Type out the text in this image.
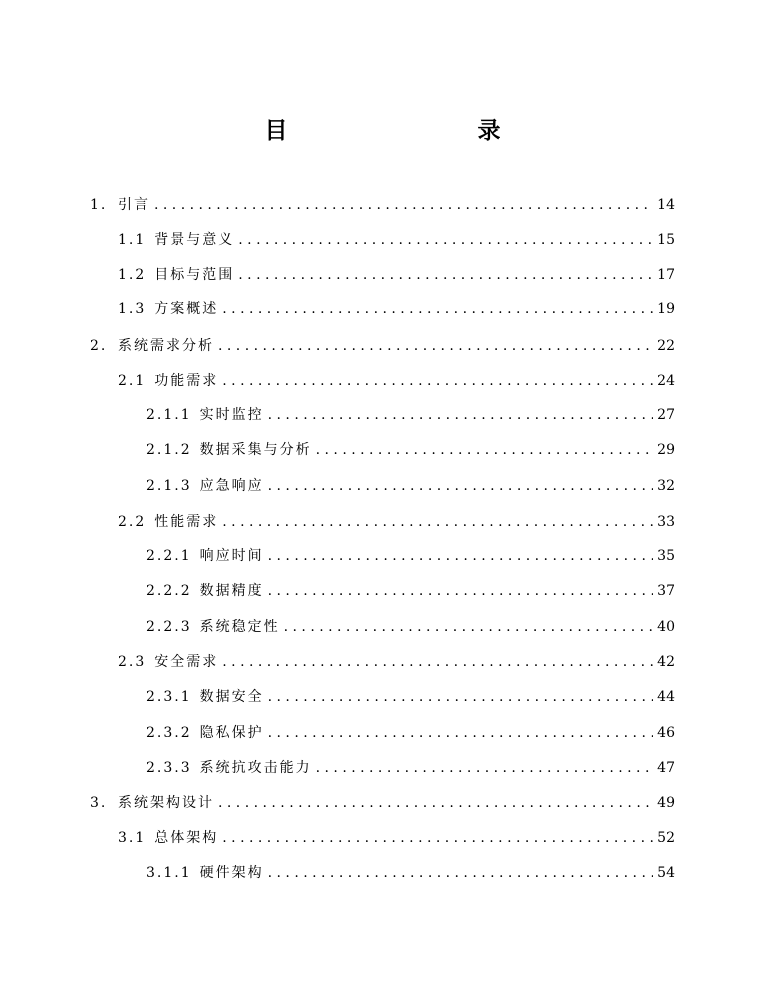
目　　录
1. 引言 . . .	14
1.1 背景与意义 . . .	15
1.2 目标与范围 . . .	17
1.3 方案概述 . . .	19
2. 系统需求分析 . . .	22
2.1 功能需求 . . .	24
2.1.1 实时监控 . . .	27
2.1.2 数据采集与分析 . . .	29
2.1.3 应急响应 . . .	32
2.2 性能需求 . . .	33
2.2.1 响应时间 . . .	35
2.2.2 数据精度 . . .	37
2.2.3 系统稳定性 . . .	40
2.3 安全需求 . . .	42
2.3.1 数据安全 . . .	44
2.3.2 隐私保护 . . .	46
2.3.3 系统抗攻击能力 . . .	47
3. 系统架构设计 . . .	49
3.1 总体架构 . . .	52
3.1.1 硬件架构 . . .	54
